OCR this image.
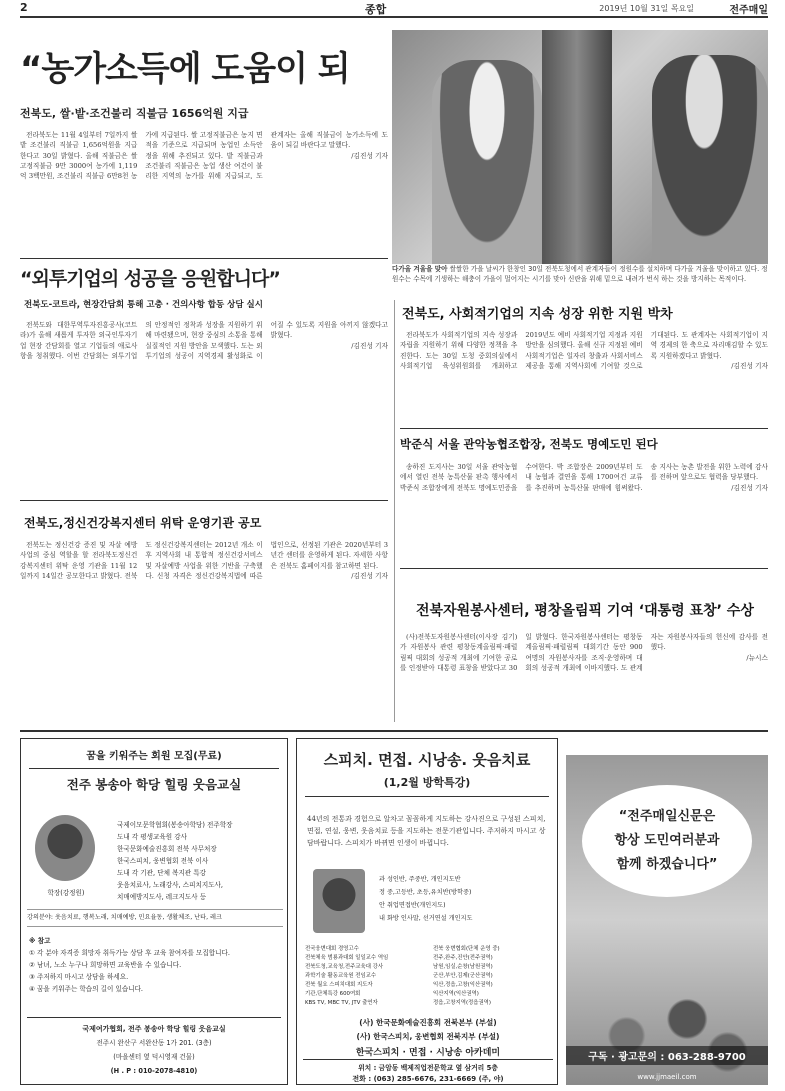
2	종합	2019년 10월 31일 목요일	전주매일
“농가소득에 도움이 되
전북도, 쌀·밭·조건불리 직불금 1656억원 지급

전라북도는 11월 4일부터 7일까지 쌀 밭 조건불리 직불금 1,656억원을 지급한다고 30일 밝혔다. 올해 직불금은 쌀 고정직불금 9만 3000여 농가에 1,119억 3백만원, 조건불리 직불금 6만8천 농가에 지급된다. 쌀 고정직불금은 농지 면적을 기준으로 지급되며 농업인 소득안정을 위해 추진되고 있다. 밭 직불금과 조건불리 직불금은 농업 생산 여건이 불리한 지역의 농가를 위해 지급되고, 도 관계자는 올해 직불금이 농가소득에 도움이 되길 바란다고 말했다.

/김진성 기자
다가올 겨울을 맞아 쌀쌀한 가을 날씨가 한창인 30일 전북도청에서 관계자들이 정원수를 설치하며 다가올 겨울을 맞이하고 있다. 정원수는 수목에 기생하는 해충이 가을이 멀어지는 시기를 맞아 신란을 위해 밑으로 내려가 번식 하는 것을 방지하는 목적이다.
“외투기업의 성공을 응원합니다”
전북도-코트라, 현장간담회 통해 고충 · 건의사항 합동 상담 실시

전북도와 대한무역투자진흥공사(코트라)가 올해 새롭게 투자한 외국인투자기업 현장 간담회를 열고 기업들의 애로사항을 청취했다. 이번 간담회는 외투기업의 안정적인 정착과 성장을 지원하기 위해 마련됐으며, 현장 중심의 소통을 통해 실질적인 지원 방안을 모색했다. 도는 외투기업의 성공이 지역경제 활성화로 이어질 수 있도록 지원을 아끼지 않겠다고 밝혔다.

/김진성 기자
전북도, 사회적기업의 지속 성장 위한 지원 박차

전라북도가 사회적기업의 지속 성장과 자립을 지원하기 위해 다양한 정책을 추진한다. 도는 30일 도청 중회의실에서 사회적기업 육성위원회를 개최하고 2019년도 예비 사회적기업 지정과 지원 방안을 심의했다. 올해 신규 지정된 예비 사회적기업은 일자리 창출과 사회서비스 제공을 통해 지역사회에 기여할 것으로 기대된다. 도 관계자는 사회적기업이 지역 경제의 한 축으로 자리매김할 수 있도록 지원하겠다고 밝혔다.

/김진성 기자
박준식 서울 관악농협조합장, 전북도 명예도민 된다

송하진 도지사는 30일 서울 관악농협에서 열린 전북 농특산물 판촉 행사에서 박준식 조합장에게 전북도 명예도민증을 수여한다. 박 조합장은 2009년부터 도내 농협과 결연을 통해 1700여건 교류를 추진하며 농특산물 판매에 힘써왔다. 송 지사는 농촌 발전을 위한 노력에 감사를 전하며 앞으로도 협력을 당부했다.

/김진성 기자
전북도,정신건강복지센터 위탁 운영기관 공모

전북도는 정신건강 증진 및 자살 예방 사업의 중심 역할을 할 전라북도정신건강복지센터 위탁 운영 기관을 11월 12일까지 14일간 공모한다고 밝혔다. 전북도 정신건강복지센터는 2012년 개소 이후 지역사회 내 통합적 정신건강서비스 및 자살예방 사업을 위한 기반을 구축했다. 신청 자격은 정신건강복지법에 따른 법인으로, 선정된 기관은 2020년부터 3년간 센터를 운영하게 된다. 자세한 사항은 전북도 홈페이지를 참고하면 된다.

/김진성 기자
전북자원봉사센터, 평창올림픽 기여 ‘대통령 표창’ 수상

(사)전북도자원봉사센터(이사장 김기) 가 자원봉사 관련 평창동계올림픽·패럴림픽 대회의 성공적 개최에 기여한 공로를 인정받아 대통령 표창을 받았다고 30일 밝혔다. 한국자원봉사센터는 평창동계올림픽·패럴림픽 대회기간 동안 900여명의 자원봉사자를 조직·운영하며 대회의 성공적 개최에 이바지했다. 도 관계자는 자원봉사자들의 헌신에 감사를 전했다.

/뉴시스
꿈을 키워주는 회원 모집(무료)
전주 봉송아 학당 힐링 웃음교실
학장(강정원)
국제이모문학협회(봉송아학당) 전주학장
도내 각 평생교육원 강사
한국문화예술진흥회 전북 사무처장
한국스피치, 웅변협회 전북 이사
도내 각 기관, 단체 복지관 특강
웃음치료사, 노래강사, 스피치지도사,
치매예방지도사, 레크지도사 등
강의분야: 웃음치료, 행복노래, 치매예방, 민요율동, 생활체조, 난타, 레크
※ 참고
① 각 분야 자격증 희망자 취득가능 상담 후 교육 참여자를 모집합니다.
② 남녀, 노소 누구나 희망하면 교육반을 수 있습니다.
③ 주저하지 마시고 상담을 하세요.
④ 꿈을 키워주는 학습의 길이 있습니다.
국제여가협회, 전주 봉송아 학당 힐링 웃음교실
전주시 완산구 서완산동 1가 201. (3층)
(마을센터 옆 덕시영재 건물)
(H . P : 010-2078-4810)
스피치. 면접. 시낭송. 웃음치료
(1,2월 방학특강)
44년의 전통과 경험으로 알차고 꼼꼼하게 지도하는 강사진으로 구성된 스피치, 면접, 연설, 웅변, 웃음치료 등을 지도하는 전문기관입니다. 주저하지 마시고 상담바랍니다. 스피치가 바뀌면 인생이 바뀝니다.
과 성인반, 주중반, 개인지도반
정 중,고등반, 초등,유치반(방학중)
안 취업면접반(개인지도)
내 화방 인사말, 선거연설 개인지도
전국웅변대회 경영고수
전북체육 범룡과대회 일일교수 역임
전북도청,교육청,전주교육대 강사
과학기술 활동교육원 전임교수
전북 월요 스피치대회 지도자
기관,단체특강 600여회
KBS TV, MBC TV, JTV 출연자
전북 웅변협회(단체 운영 중)
전주,완주,진안(전주권역)
남원,임실,순창(남원권역)
군산,부안,김제(군산권역)
익산,정읍,고창(익산권역)
익산지역(익산권역)
정읍,고창지역(정읍권역)
(사) 한국문화예술진흥회 전북본부 (부설)
(사) 한국스피치, 웅변협회 전북지부 (부설)
한국스피치 · 면접 · 시낭송 아카데미
위치 : 금암동 백제직업전문학교 옆 삼거리 5층
전화 : (063) 285-6676, 231-6669 (주, 야)
“전주매일신문은
항상 도민여러분과
함께 하겠습니다”
구독 · 광고문의 : 063-288-9700
www.jjmaeil.com
